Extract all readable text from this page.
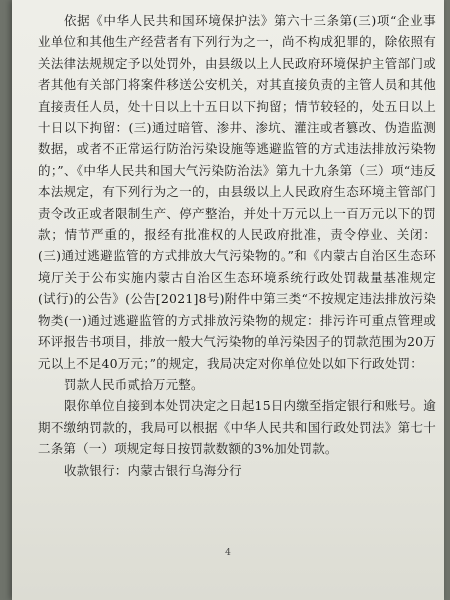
依据《中华人民共和国环境保护法》第六十三条第(三)项“企业事业单位和其他生产经营者有下列行为之一，尚不构成犯罪的，除依照有关法律法规规定予以处罚外，由县级以上人民政府环境保护主管部门或者其他有关部门将案件移送公安机关，对其直接负责的主管人员和其他直接责任人员，处十日以上十五日以下拘留；情节较轻的，处五日以上十日以下拘留：(三)通过暗管、渗井、渗坑、灌注或者篡改、伪造监测数据，或者不正常运行防治污染设施等逃避监管的方式违法排放污染物的；”、《中华人民共和国大气污染防治法》第九十九条第（三）项“违反本法规定，有下列行为之一的，由县级以上人民政府生态环境主管部门责令改正或者限制生产、停产整治，并处十万元以上一百万元以下的罚款；情节严重的，报经有批准权的人民政府批准，责令停业、关闭：(三)通过逃避监管的方式排放大气污染物的。”和《内蒙古自治区生态环境厅关于公布实施内蒙古自治区生态环境系统行政处罚裁量基准规定(试行)的公告》(公告[2021]8号)附件中第三类“不按规定违法排放污染物类(一)通过逃避监管的方式排放污染物的规定：排污许可重点管理或环评报告书项目，排放一般大气污染物的单污染因子的罚款范围为20万元以上不足40万元；”的规定，我局决定对你单位处以如下行政处罚：

罚款人民币贰拾万元整。

限你单位自接到本处罚决定之日起15日内缴至指定银行和账号。逾期不缴纳罚款的，我局可以根据《中华人民共和国行政处罚法》第七十二条第（一）项规定每日按罚款数额的3%加处罚款。

收款银行：内蒙古银行乌海分行

4
